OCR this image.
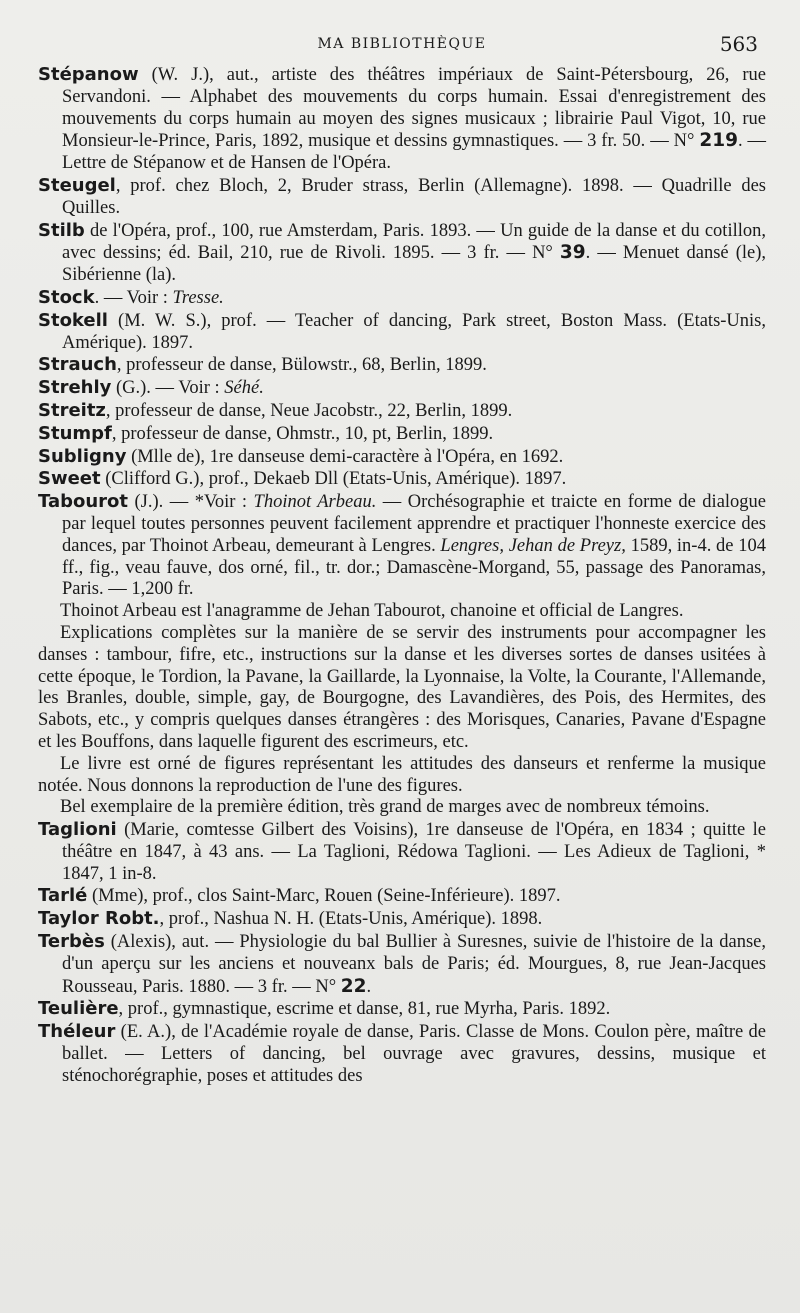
MA BIBLIOTHÈQUE	563

Stépanow (W. J.), aut., artiste des théâtres impériaux de Saint-Pétersbourg, 26, rue Servandoni. — Alphabet des mouvements du corps humain. Essai d'enregistrement des mouvements du corps humain au moyen des signes musicaux ; librairie Paul Vigot, 10, rue Monsieur-le-Prince, Paris, 1892, musique et dessins gymnastiques. — 3 fr. 50. — N° 219. — Lettre de Stépanow et de Hansen de l'Opéra.

Steugel, prof. chez Bloch, 2, Bruder strass, Berlin (Allemagne). 1898. — Quadrille des Quilles.

Stilb de l'Opéra, prof., 100, rue Amsterdam, Paris. 1893. — Un guide de la danse et du cotillon, avec dessins; éd. Bail, 210, rue de Rivoli. 1895. — 3 fr. — N° 39. — Menuet dansé (le), Sibérienne (la).

Stock. — Voir : Tresse.

Stokell (M. W. S.), prof. — Teacher of dancing, Park street, Boston Mass. (Etats-Unis, Amérique). 1897.

Strauch, professeur de danse, Bülowstr., 68, Berlin, 1899.

Strehly (G.). — Voir : Séhé.

Streitz, professeur de danse, Neue Jacobstr., 22, Berlin, 1899.

Stumpf, professeur de danse, Ohmstr., 10, pt, Berlin, 1899.

Subligny (Mlle de), 1re danseuse demi-caractère à l'Opéra, en 1692.

Sweet (Clifford G.), prof., Dekaeb Dll (Etats-Unis, Amérique). 1897.

Tabourot (J.). — *Voir : Thoinot Arbeau. — Orchésographie et traicte en forme de dialogue par lequel toutes personnes peuvent facilement apprendre et practiquer l'honneste exercice des dances, par Thoinot Arbeau, demeurant à Lengres. Lengres, Jehan de Preyz, 1589, in-4. de 104 ff., fig., veau fauve, dos orné, fil., tr. dor.; Damascène-Morgand, 55, passage des Panoramas, Paris. — 1,200 fr.

Thoinot Arbeau est l'anagramme de Jehan Tabourot, chanoine et official de Langres.

Explications complètes sur la manière de se servir des instruments pour accompagner les danses : tambour, fifre, etc., instructions sur la danse et les diverses sortes de danses usitées à cette époque, le Tordion, la Pavane, la Gaillarde, la Lyonnaise, la Volte, la Courante, l'Allemande, les Branles, double, simple, gay, de Bourgogne, des Lavandières, des Pois, des Hermites, des Sabots, etc., y compris quelques danses étrangères : des Morisques, Canaries, Pavane d'Espagne et les Bouffons, dans laquelle figurent des escrimeurs, etc.

Le livre est orné de figures représentant les attitudes des danseurs et renferme la musique notée. Nous donnons la reproduction de l'une des figures.

Bel exemplaire de la première édition, très grand de marges avec de nombreux témoins.

Taglioni (Marie, comtesse Gilbert des Voisins), 1re danseuse de l'Opéra, en 1834 ; quitte le théâtre en 1847, à 43 ans. — La Taglioni, Rédowa Taglioni. — Les Adieux de Taglioni, * 1847, 1 in-8.

Tarlé (Mme), prof., clos Saint-Marc, Rouen (Seine-Inférieure). 1897.

Taylor Robt., prof., Nashua N. H. (Etats-Unis, Amérique). 1898.

Terbès (Alexis), aut. — Physiologie du bal Bullier à Suresnes, suivie de l'histoire de la danse, d'un aperçu sur les anciens et nouveanx bals de Paris; éd. Mourgues, 8, rue Jean-Jacques Rousseau, Paris. 1880. — 3 fr. — N° 22.

Teulière, prof., gymnastique, escrime et danse, 81, rue Myrha, Paris. 1892.

Théleur (E. A.), de l'Académie royale de danse, Paris. Classe de Mons. Coulon père, maître de ballet. — Letters of dancing, bel ouvrage avec gravures, dessins, musique et sténochorégraphie, poses et attitudes des
